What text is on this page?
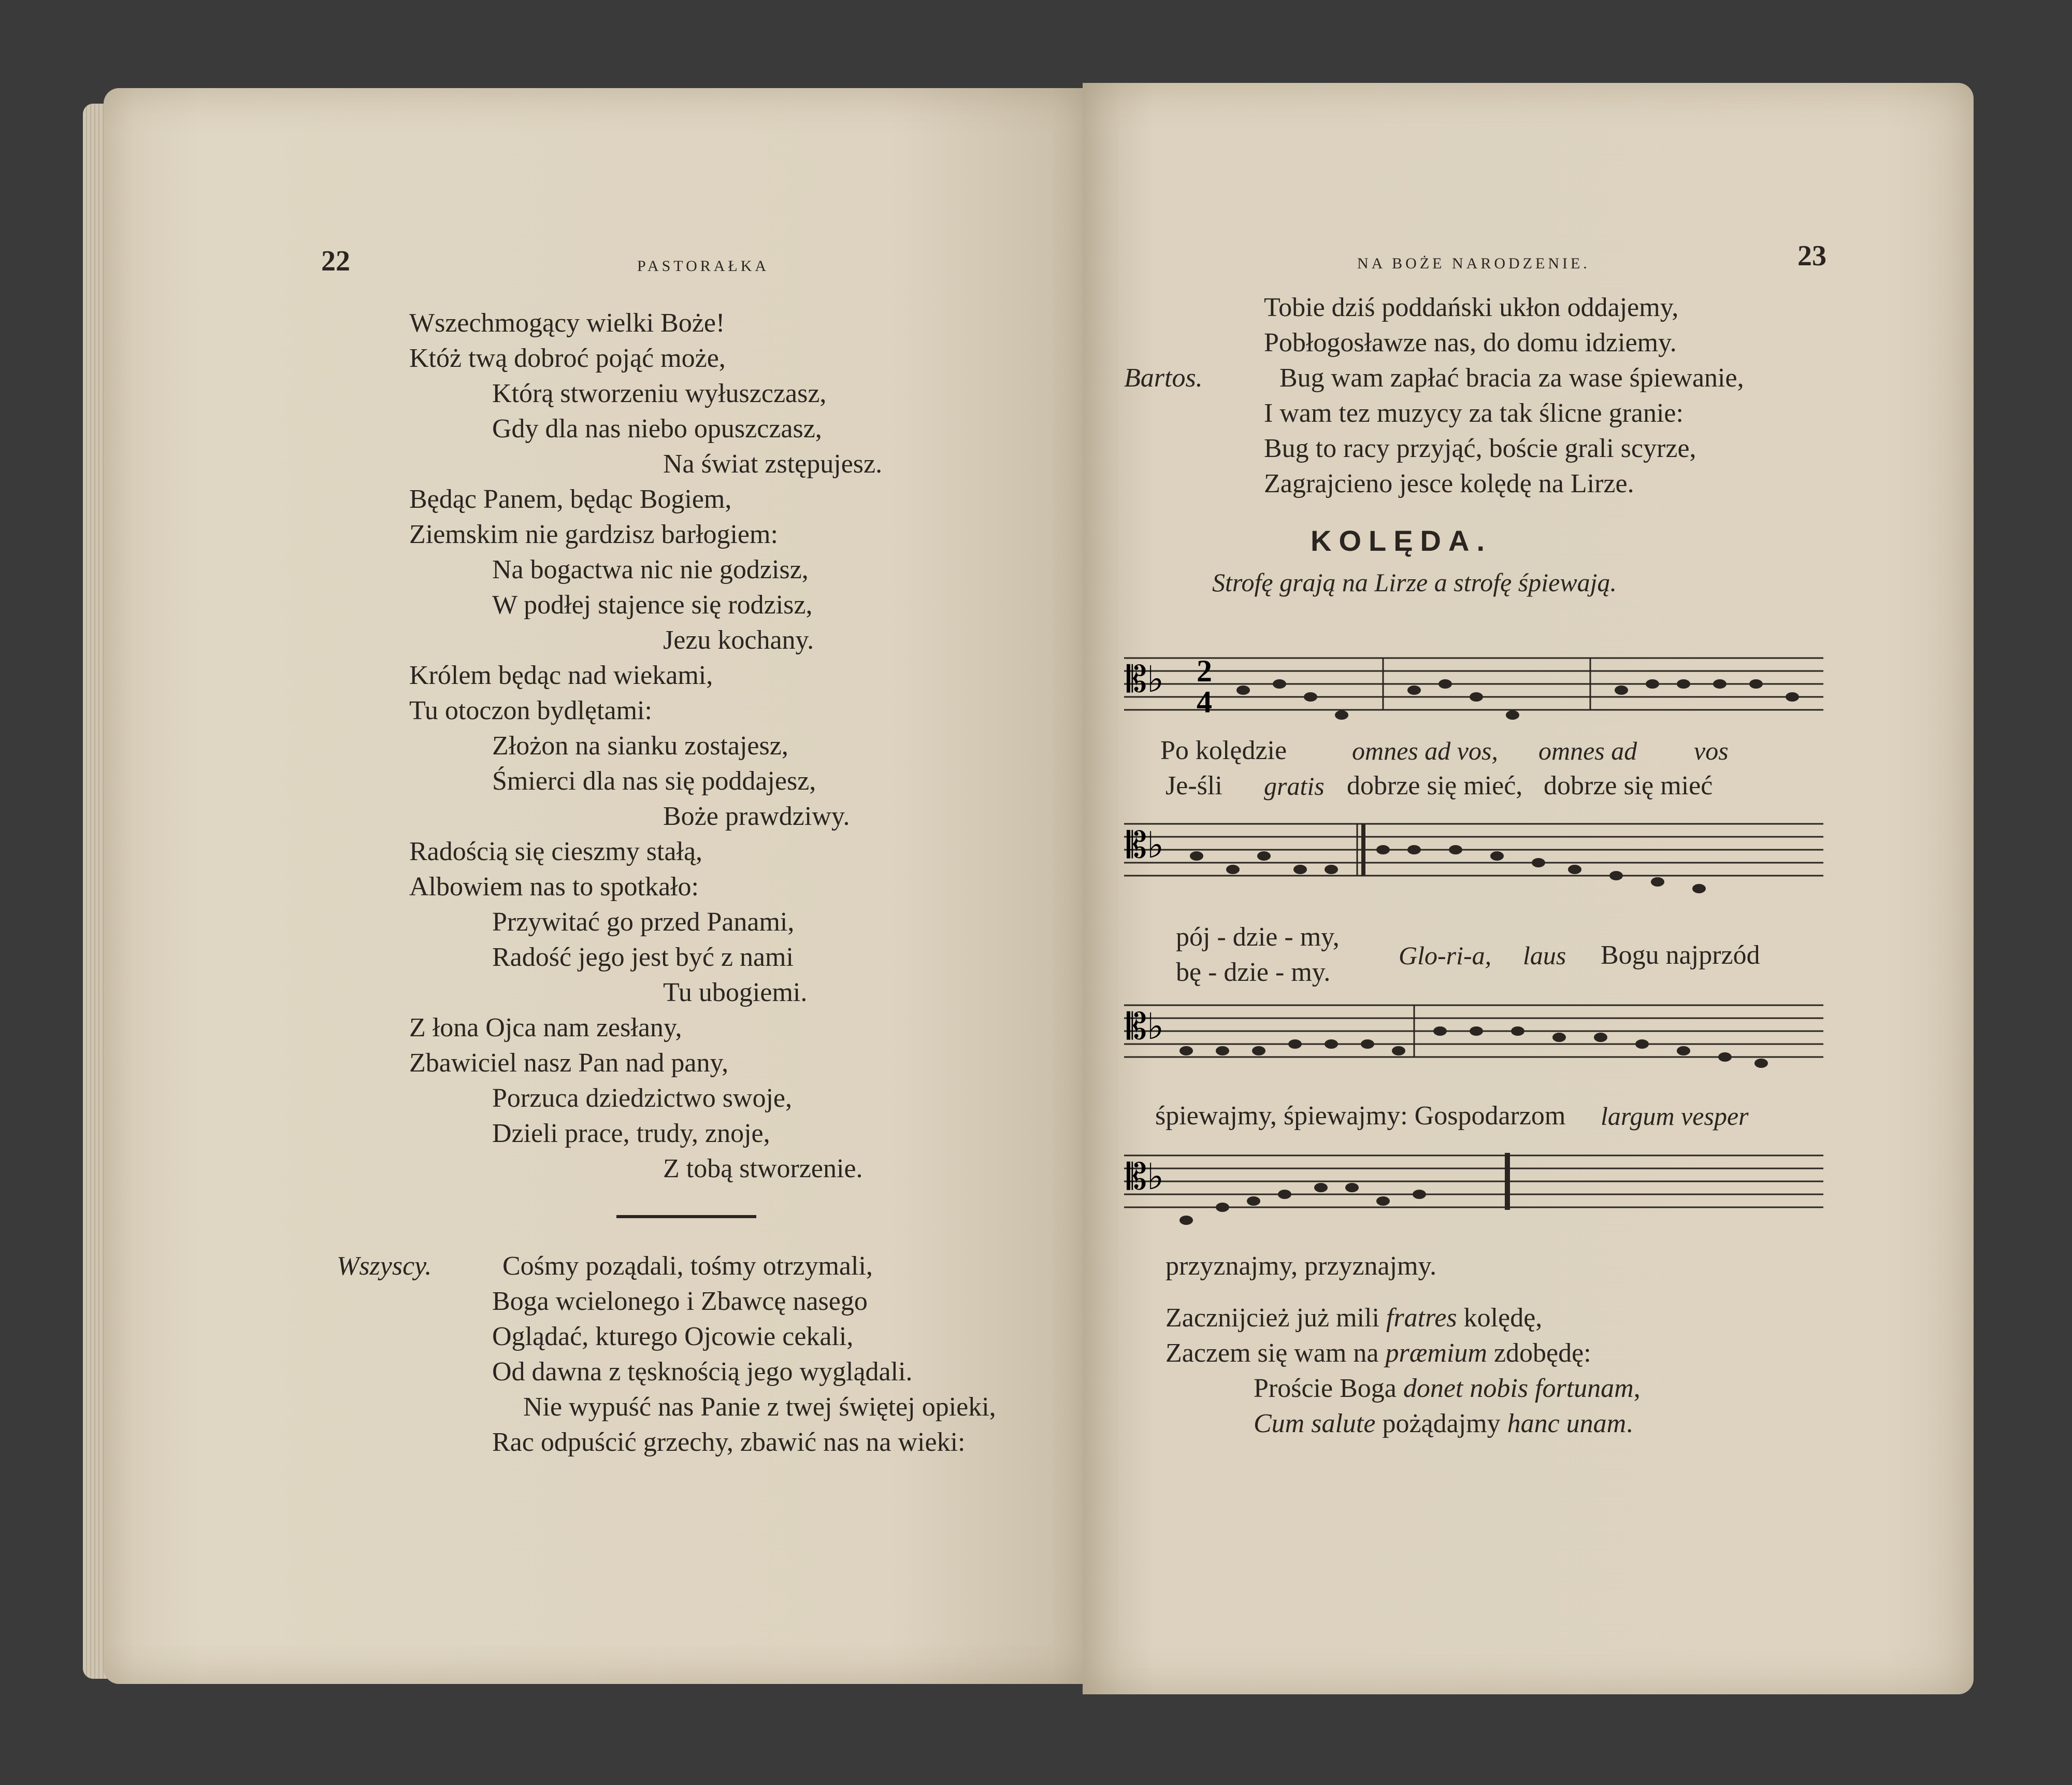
22	PASTORAŁKA
Wszechmogący wielki Boże!
Któż twą dobroć pojąć może,
Którą stworzeniu wyłuszczasz,
Gdy dla nas niebo opuszczasz,
Na świat zstępujesz.
Będąc Panem, będąc Bogiem,
Ziemskim nie gardzisz barłogiem:
Na bogactwa nic nie godzisz,
W podłej stajence się rodzisz,
Jezu kochany.
Królem będąc nad wiekami,
Tu otoczon bydlętami:
Złożon na sianku zostajesz,
Śmierci dla nas się poddajesz,
Boże prawdziwy.
Radością się cieszmy stałą,
Albowiem nas to spotkało:
Przywitać go przed Panami,
Radość jego jest być z nami
Tu ubogiemi.
Z łona Ojca nam zesłany,
Zbawiciel nasz Pan nad pany,
Porzuca dziedzictwo swoje,
Dzieli prace, trudy, znoje,
Z tobą stworzenie.
Wszyscy.	Cośmy poządali, tośmy otrzymali,
Boga wcielonego i Zbawcę nasego
Oglądać, kturego Ojcowie cekali,
Od dawna z tęsknością jego wyglądali.
Nie wypuść nas Panie z twej świętej opieki,
Rac odpuścić grzechy, zbawić nas na wieki:
NA BOŻE NARODZENIE.	23
Tobie dziś poddański ukłon oddajemy,
Pobłogosławze nas, do domu idziemy.
Bartos.	Bug wam zapłać bracia za wase śpiewanie,
I wam tez muzycy za tak ślicne granie:
Bug to racy przyjąć, boście grali scyrze,
Zagrajcieno jesce kolędę na Lirze.
KOLĘDA.
Strofę grają na Lirze a strofę śpiewają.
𝄡♭ 2
4
Po kolędzie	omnes ad vos, omnes ad vos
Je-śli gratis dobrze się mieć, dobrze się mieć
𝄡♭
pój - dzie - my,
Glo-ri-a, laus Bogu najprzód
bę - dzie - my.
𝄡♭
śpiewajmy, śpiewajmy: Gospodarzom largum vesper
𝄡♭
przyznajmy, przyznajmy.
Zacznijcież już mili fratres kolędę,
Zaczem się wam na præmium zdobędę:
Proście Boga donet nobis fortunam,
Cum salute pożądajmy hanc unam.
